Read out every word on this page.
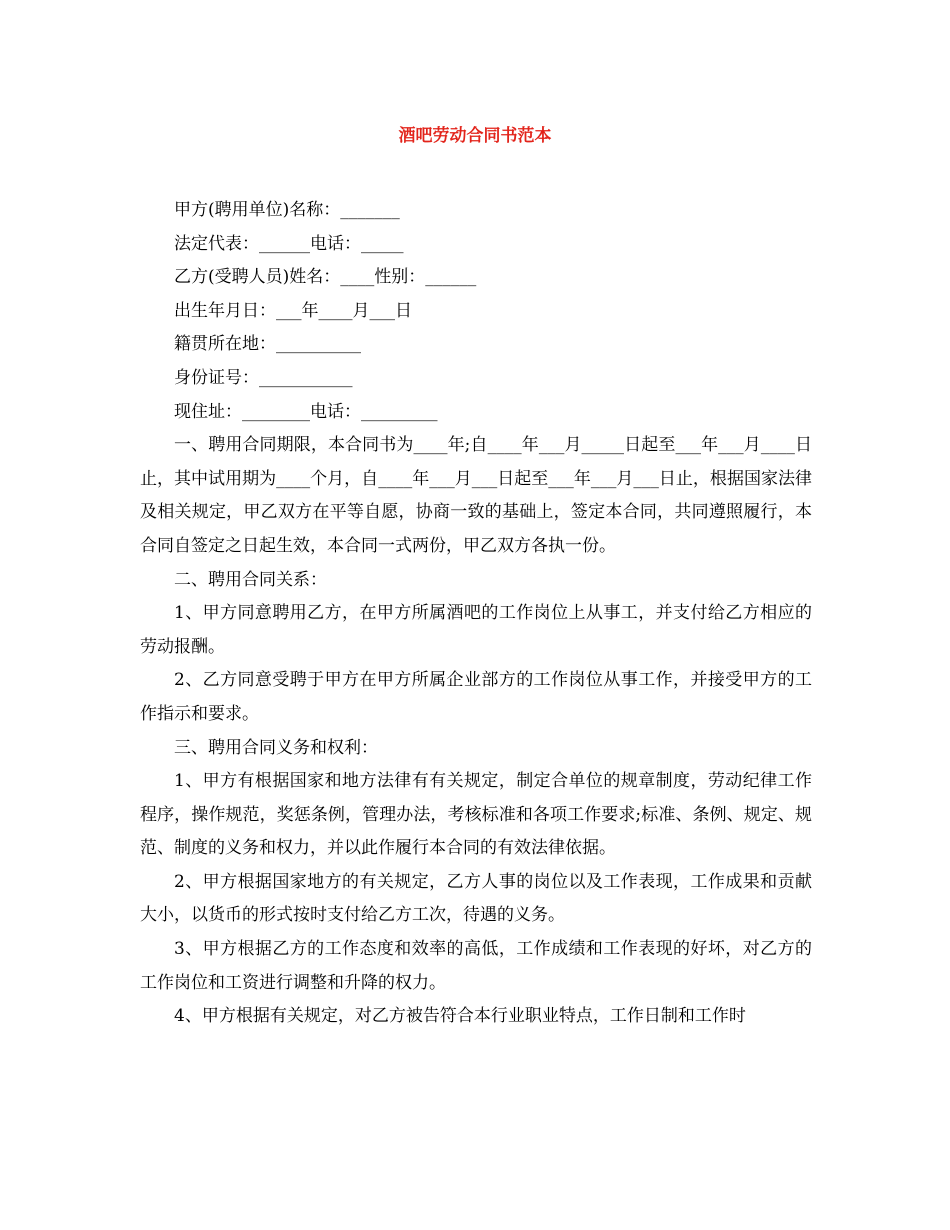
酒吧劳动合同书范本

甲方(聘用单位)名称：_______

法定代表：______电话：_____

乙方(受聘人员)姓名：____性别：______

出生年月日：___年____月___日

籍贯所在地：__________

身份证号：___________

现住址：________电话：_________

一、聘用合同期限，本合同书为____年;自____年___月_____日起至___年___月____日止，其中试用期为____个月，自____年___月___日起至___年___月___日止，根据国家法律及相关规定，甲乙双方在平等自愿，协商一致的基础上，签定本合同，共同遵照履行，本合同自签定之日起生效，本合同一式两份，甲乙双方各执一份。

二、聘用合同关系：

1、甲方同意聘用乙方，在甲方所属酒吧的工作岗位上从事工，并支付给乙方相应的劳动报酬。

2、乙方同意受聘于甲方在甲方所属企业部方的工作岗位从事工作，并接受甲方的工作指示和要求。

三、聘用合同义务和权利：

1、甲方有根据国家和地方法律有有关规定，制定合单位的规章制度，劳动纪律工作程序，操作规范，奖惩条例，管理办法，考核标准和各项工作要求;标准、条例、规定、规范、制度的义务和权力，并以此作履行本合同的有效法律依据。

2、甲方根据国家地方的有关规定，乙方人事的岗位以及工作表现，工作成果和贡献大小，以货币的形式按时支付给乙方工次，待遇的义务。

3、甲方根据乙方的工作态度和效率的高低，工作成绩和工作表现的好坏，对乙方的工作岗位和工资进行调整和升降的权力。

4、甲方根据有关规定，对乙方被告符合本行业职业特点，工作日制和工作时
